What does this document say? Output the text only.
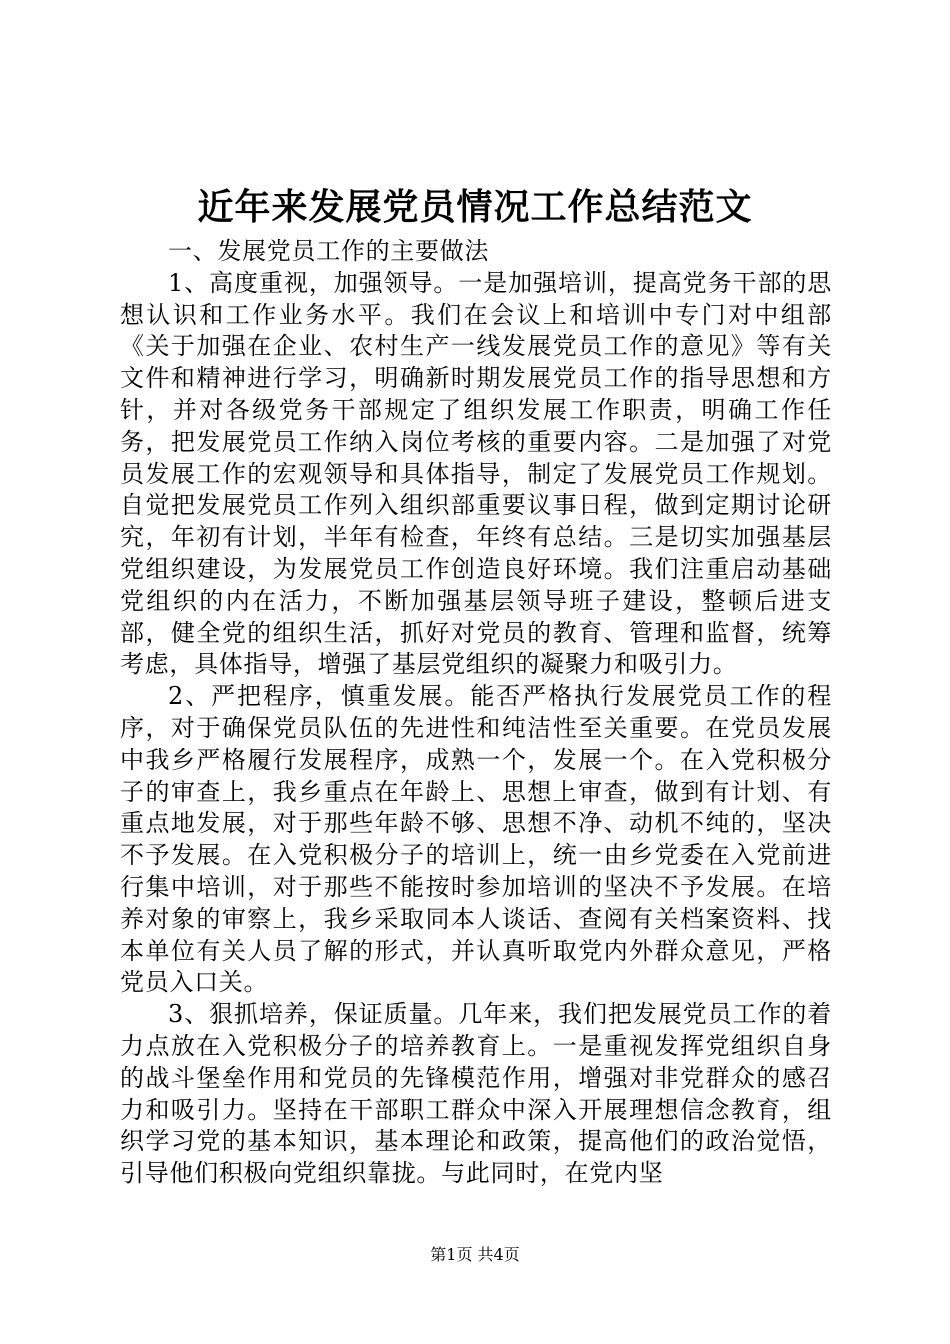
近年来发展党员情况工作总结范文

一、发展党员工作的主要做法

1、高度重视，加强领导。一是加强培训，提高党务干部的思想认识和工作业务水平。我们在会议上和培训中专门对中组部《关于加强在企业、农村生产一线发展党员工作的意见》等有关文件和精神进行学习，明确新时期发展党员工作的指导思想和方针，并对各级党务干部规定了组织发展工作职责，明确工作任务，把发展党员工作纳入岗位考核的重要内容。二是加强了对党员发展工作的宏观领导和具体指导，制定了发展党员工作规划。自觉把发展党员工作列入组织部重要议事日程，做到定期讨论研究，年初有计划，半年有检查，年终有总结。三是切实加强基层党组织建设，为发展党员工作创造良好环境。我们注重启动基础党组织的内在活力，不断加强基层领导班子建设，整顿后进支部，健全党的组织生活，抓好对党员的教育、管理和监督，统筹考虑，具体指导，增强了基层党组织的凝聚力和吸引力。

2、严把程序，慎重发展。能否严格执行发展党员工作的程序，对于确保党员队伍的先进性和纯洁性至关重要。在党员发展中我乡严格履行发展程序，成熟一个，发展一个。在入党积极分子的审查上，我乡重点在年龄上、思想上审查，做到有计划、有重点地发展，对于那些年龄不够、思想不净、动机不纯的，坚决不予发展。在入党积极分子的培训上，统一由乡党委在入党前进行集中培训，对于那些不能按时参加培训的坚决不予发展。在培养对象的审察上，我乡采取同本人谈话、查阅有关档案资料、找本单位有关人员了解的形式，并认真听取党内外群众意见，严格党员入口关。

3、狠抓培养，保证质量。几年来，我们把发展党员工作的着力点放在入党积极分子的培养教育上。一是重视发挥党组织自身的战斗堡垒作用和党员的先锋模范作用，增强对非党群众的感召力和吸引力。坚持在干部职工群众中深入开展理想信念教育，组织学习党的基本知识，基本理论和政策，提高他们的政治觉悟，引导他们积极向党组织靠拢。与此同时，在党内坚

第1页 共4页
